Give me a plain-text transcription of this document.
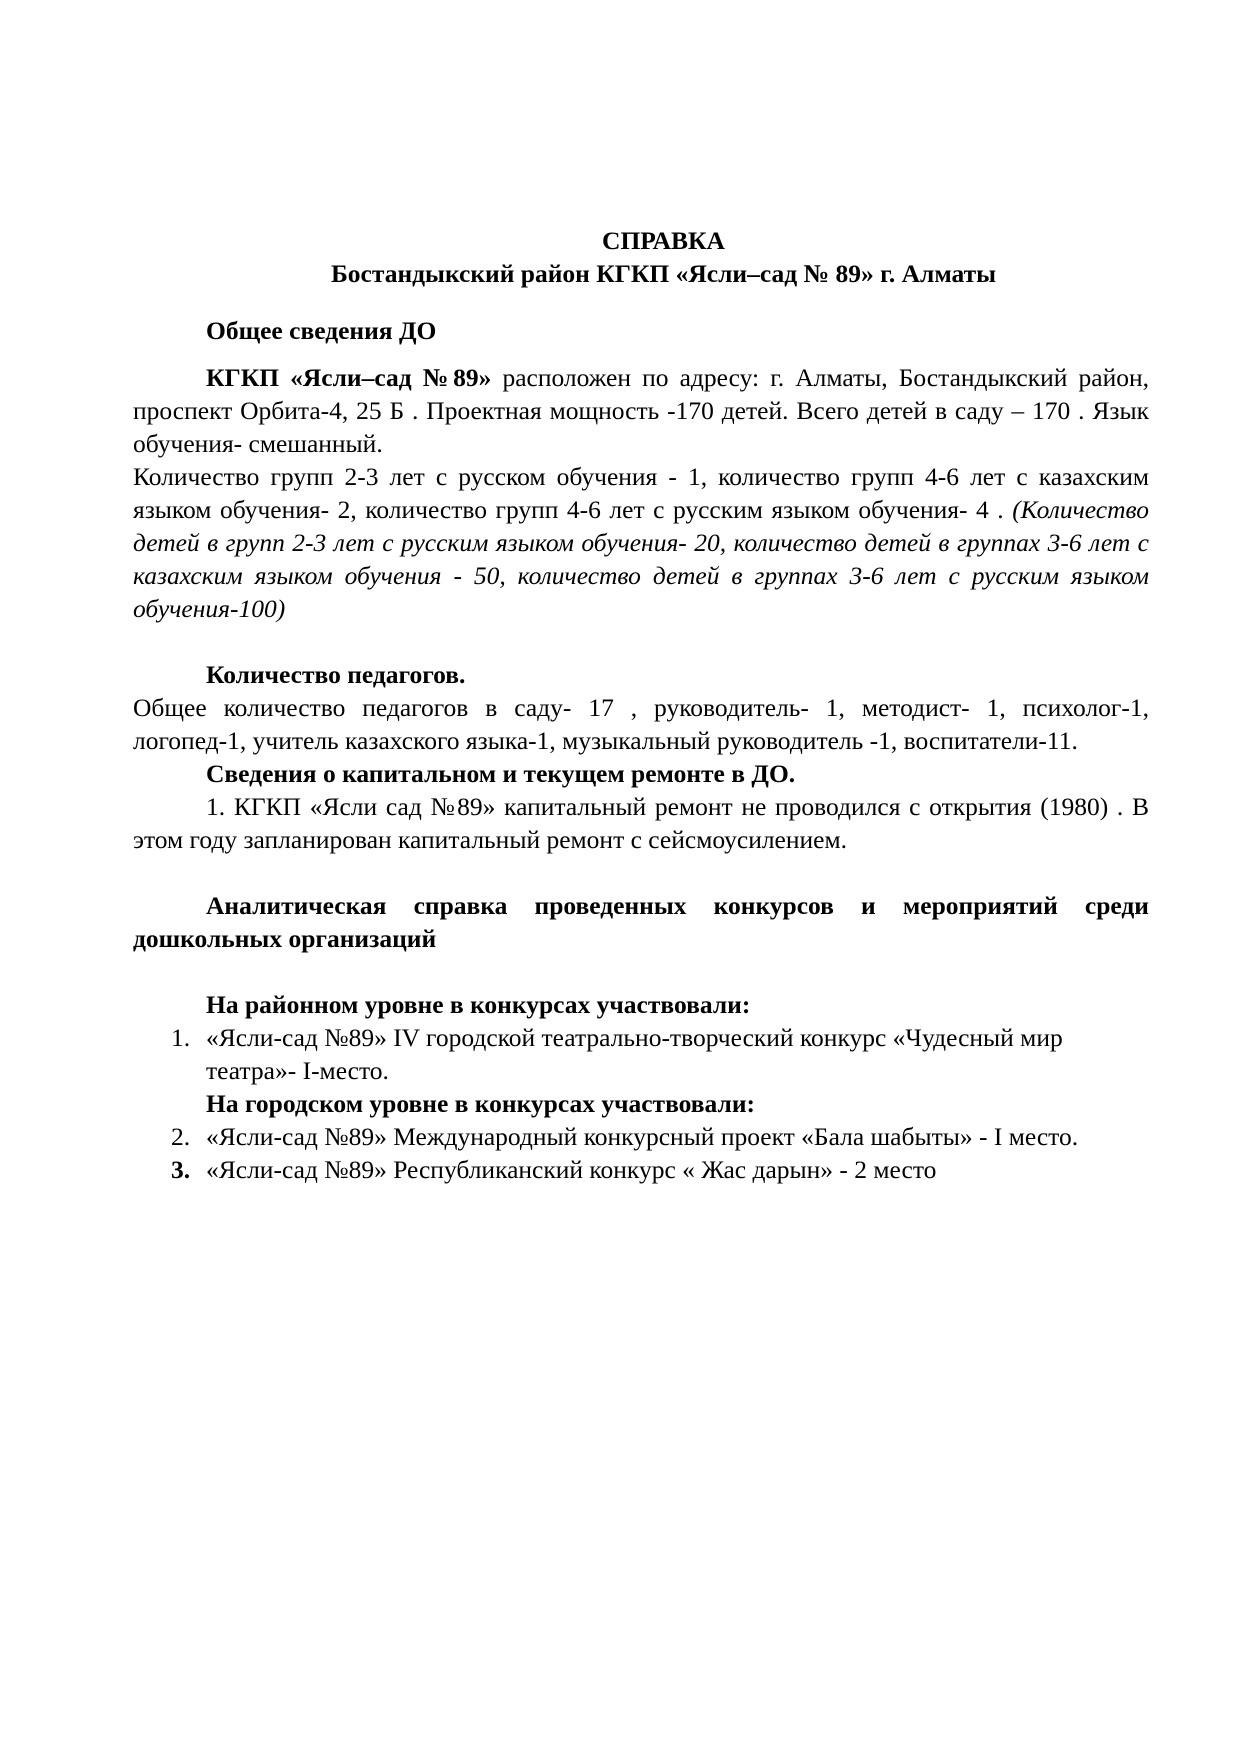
СПРАВКА

Бостандыкский район КГКП «Ясли–сад № 89» г. Алматы

Общее сведения ДО

КГКП «Ясли–сад №89» расположен по адресу: г. Алматы, Бостандыкский район, проспект Орбита-4, 25 Б . Проектная мощность -170 детей. Всего детей в саду – 170 . Язык обучения- смешанный.

Количество групп 2-3 лет с русском обучения - 1, количество групп 4-6 лет с казахским языком обучения- 2, количество групп 4-6 лет с русским языком обучения- 4 . (Количество детей в групп 2-3 лет с русским языком обучения- 20, количество детей в группах 3-6 лет с казахским языком обучения - 50, количество детей в группах 3-6 лет с русским языком обучения-100)

Количество педагогов.

Общее количество педагогов в саду- 17 , руководитель- 1, методист- 1, психолог-1, логопед-1, учитель казахского языка-1, музыкальный руководитель -1, воспитатели-11.

Сведения о капитальном и текущем ремонте в ДО.

1. КГКП «Ясли сад №89» капитальный ремонт не проводился с открытия (1980) . В этом году запланирован капитальный ремонт с сейсмоусилением.

Аналитическая справка проведенных конкурсов и мероприятий среди дошкольных организаций

На районном уровне в конкурсах участвовали:

1. «Ясли-сад №89» IV городской театрально-творческий конкурс «Чудесный мир театра»- I-место.

На городском уровне в конкурсах участвовали:

2. «Ясли-сад №89» Международный конкурсный проект «Бала шабыты» - I место.
3. «Ясли-сад №89» Республиканский конкурс « Жас дарын» - 2 место
